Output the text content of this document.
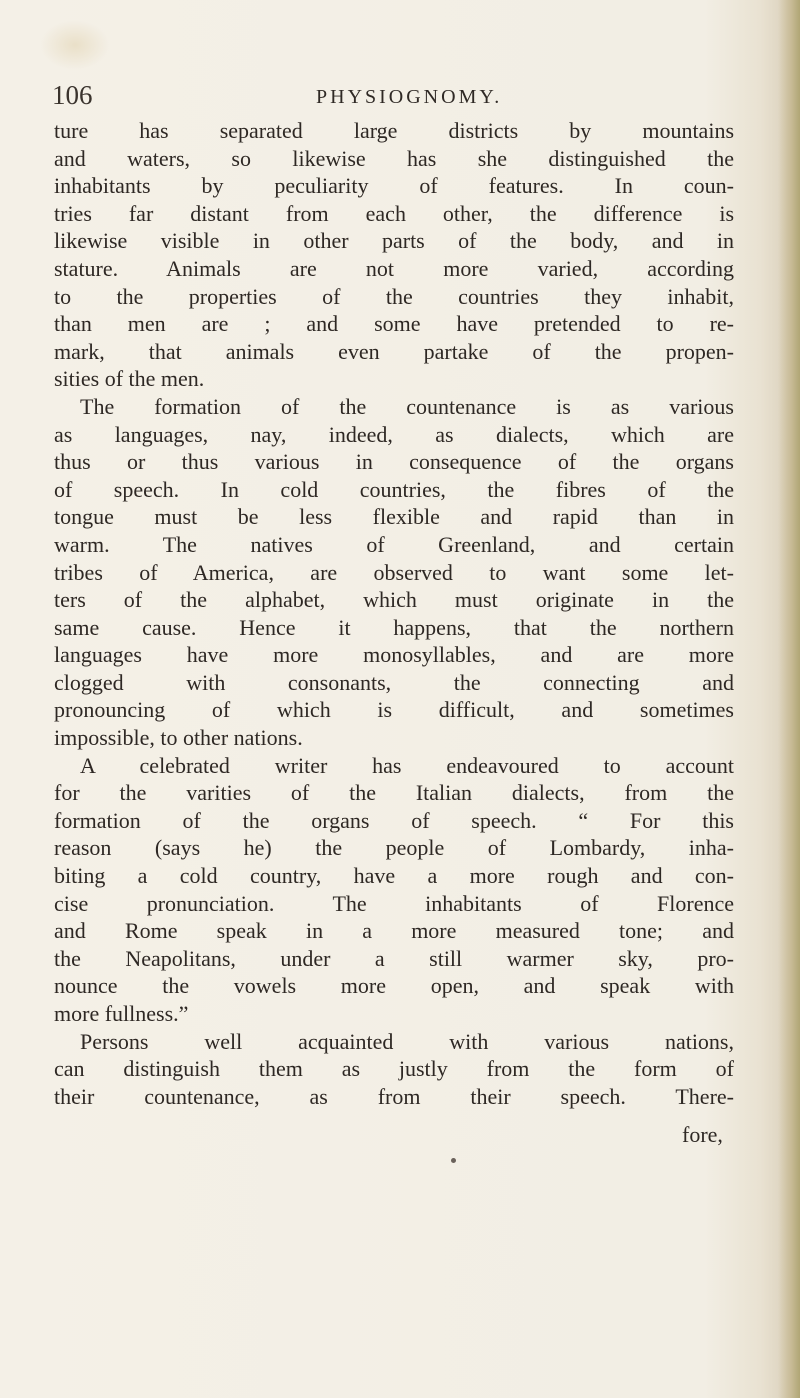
106	PHYSIOGNOMY.
ture has separated large districts by mountains
and waters, so likewise has she distinguished the
inhabitants by peculiarity of features. In coun-
tries far distant from each other, the difference is
likewise visible in other parts of the body, and in
stature. Animals are not more varied, according
to the properties of the countries they inhabit,
than men are ; and some have pretended to re-
mark, that animals even partake of the propen-
sities of the men.
The formation of the countenance is as various
as languages, nay, indeed, as dialects, which are
thus or thus various in consequence of the organs
of speech. In cold countries, the fibres of the
tongue must be less flexible and rapid than in
warm. The natives of Greenland, and certain
tribes of America, are observed to want some let-
ters of the alphabet, which must originate in the
same cause. Hence it happens, that the northern
languages have more monosyllables, and are more
clogged with consonants, the connecting and
pronouncing of which is difficult, and sometimes
impossible, to other nations.
A celebrated writer has endeavoured to account
for the varities of the Italian dialects, from the
formation of the organs of speech. “ For this
reason (says he) the people of Lombardy, inha-
biting a cold country, have a more rough and con-
cise pronunciation. The inhabitants of Florence
and Rome speak in a more measured tone; and
the Neapolitans, under a still warmer sky, pro-
nounce the vowels more open, and speak with
more fullness.”
Persons well acquainted with various nations,
can distinguish them as justly from the form of
their countenance, as from their speech. There-
fore,
